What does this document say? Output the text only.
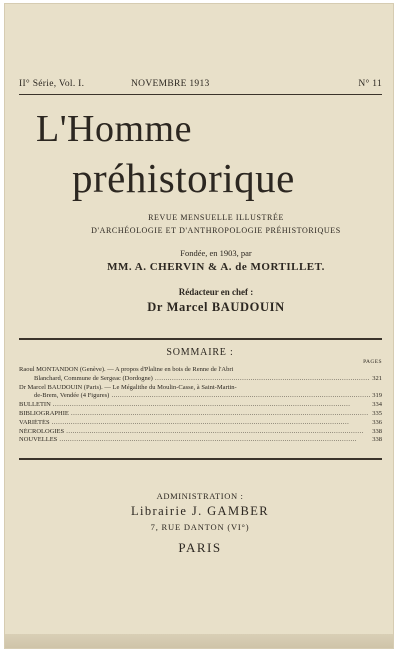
II° Série, Vol. I.	NOVEMBRE 1913	N° 11
L'Homme
préhistorique
REVUE MENSUELLE ILLUSTRÉE
D'ARCHÉOLOGIE ET D'ANTHROPOLOGIE PRÉHISTORIQUES
Fondée, en 1903, par
MM. A. CHERVIN & A. de MORTILLET.
Rédacteur en chef :
Dr Marcel BAUDOUIN
SOMMAIRE :
PAGES
Raoul MONTANDON (Genève). — A propos d'Plaline en bois de Renne de l'Abri
Blanchard, Commune de Sergeac (Dordogne) .....	321
Dr Marcel BAUDOUIN (Paris). — Le Mégalithe du Moulin-Casse, à Saint-Martin-
de-Brem, Vendée (4 Figures) .....	319
BULLETIN .....	334
BIBLIOGRAPHIE .....	335
VARIÉTÉS .....	336
NÉCROLOGIES .....	338
NOUVELLES .....	338
ADMINISTRATION :
Librairie J. GAMBER
7, RUE DANTON (VI°)
PARIS
